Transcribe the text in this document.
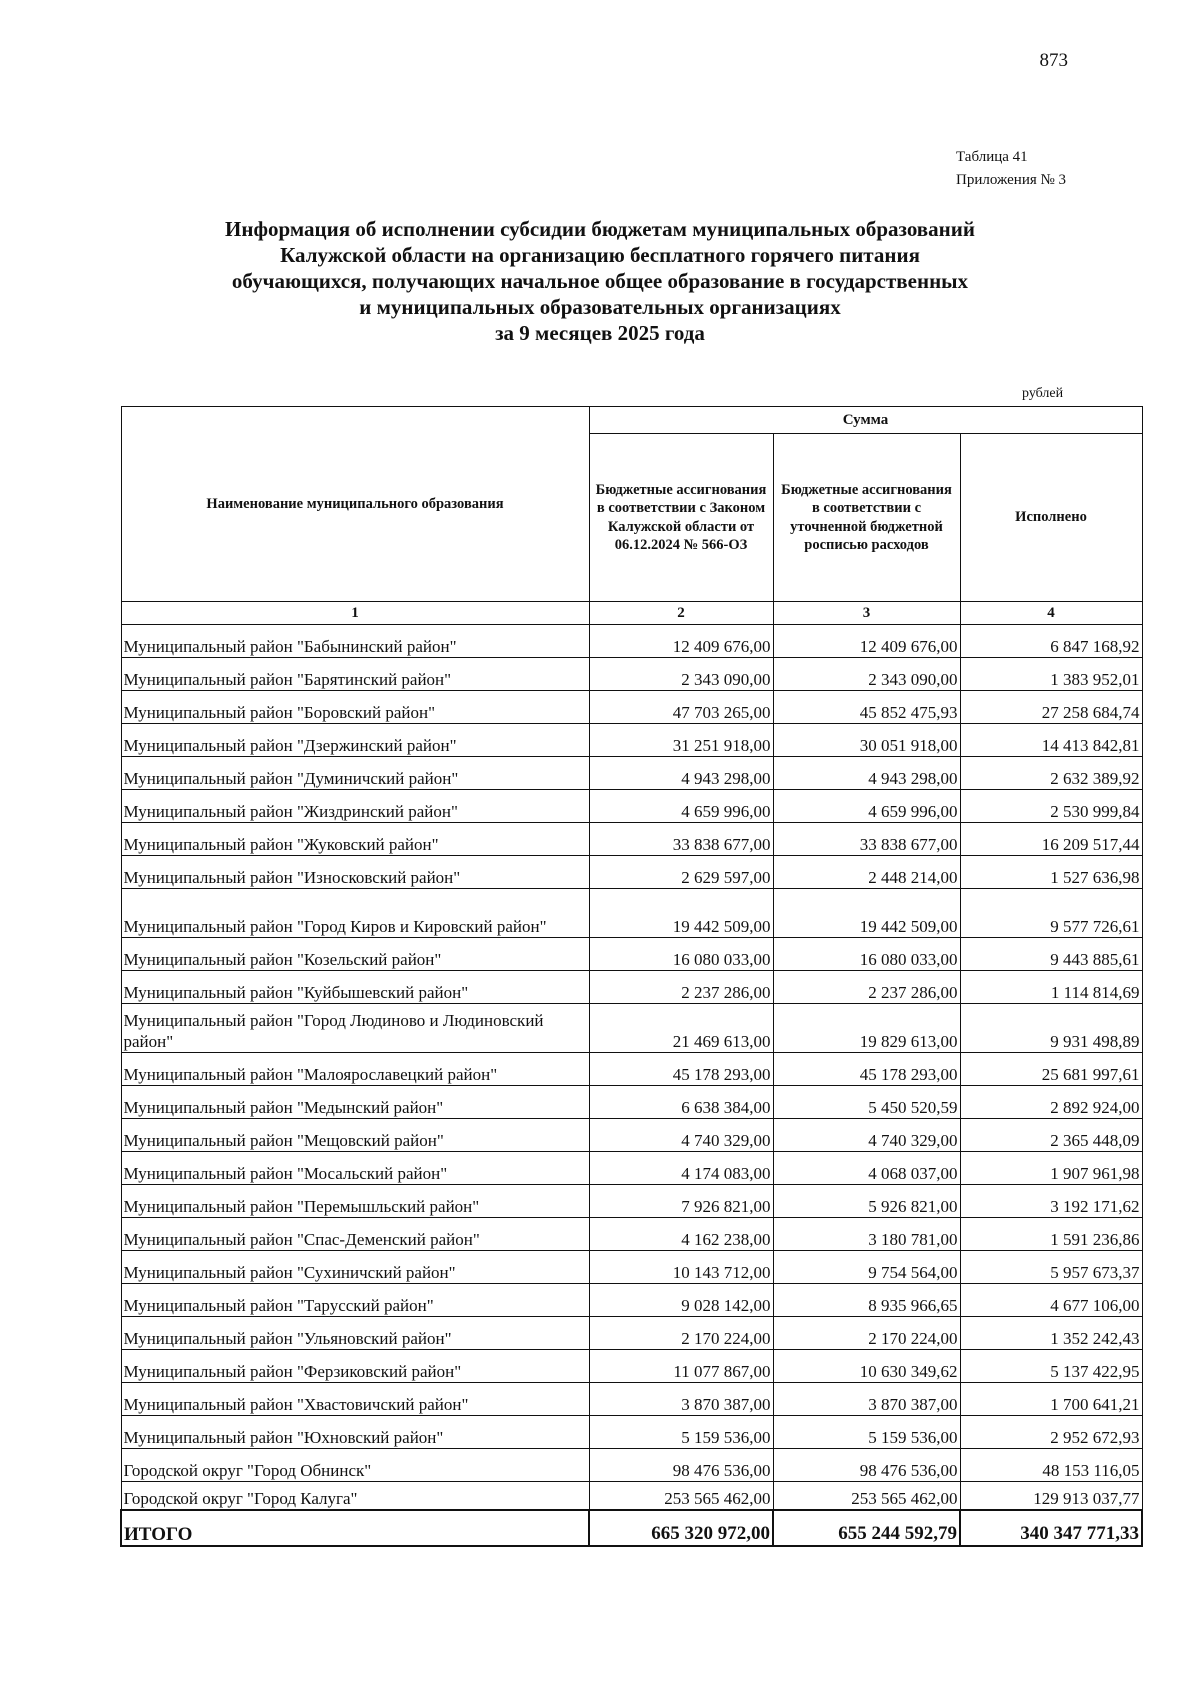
873
Таблица 41
Приложения № 3
Информация об исполнении субсидии бюджетам муниципальных образований
Калужской области на организацию бесплатного горячего питания
обучающихся, получающих начальное общее образование в государственных
и муниципальных образовательных организациях
за 9 месяцев 2025 года
рублей
Наименование муниципального образования	Сумма		
	Бюджетные ассигнования в соответствии с Законом Калужской области от 06.12.2024 № 566-ОЗ	Бюджетные ассигнования в соответствии с уточненной бюджетной росписью расходов	Исполнено
1	2	3	4
Муниципальный район "Бабынинский район"	12 409 676,00	12 409 676,00	6 847 168,92
Муниципальный район "Барятинский район"	2 343 090,00	2 343 090,00	1 383 952,01
Муниципальный район "Боровский район"	47 703 265,00	45 852 475,93	27 258 684,74
Муниципальный район "Дзержинский район"	31 251 918,00	30 051 918,00	14 413 842,81
Муниципальный район "Думиничский район"	4 943 298,00	4 943 298,00	2 632 389,92
Муниципальный район "Жиздринский район"	4 659 996,00	4 659 996,00	2 530 999,84
Муниципальный район "Жуковский район"	33 838 677,00	33 838 677,00	16 209 517,44
Муниципальный район "Износковский район"	2 629 597,00	2 448 214,00	1 527 636,98
Муниципальный район "Город Киров и Кировский район"	19 442 509,00	19 442 509,00	9 577 726,61
Муниципальный район "Козельский район"	16 080 033,00	16 080 033,00	9 443 885,61
Муниципальный район "Куйбышевский район"	2 237 286,00	2 237 286,00	1 114 814,69
Муниципальный район "Город Людиново и Людиновский район"	21 469 613,00	19 829 613,00	9 931 498,89
Муниципальный район "Малоярославецкий район"	45 178 293,00	45 178 293,00	25 681 997,61
Муниципальный район "Медынский район"	6 638 384,00	5 450 520,59	2 892 924,00
Муниципальный район "Мещовский район"	4 740 329,00	4 740 329,00	2 365 448,09
Муниципальный район "Мосальский район"	4 174 083,00	4 068 037,00	1 907 961,98
Муниципальный район "Перемышльский район"	7 926 821,00	5 926 821,00	3 192 171,62
Муниципальный район "Спас-Деменский район"	4 162 238,00	3 180 781,00	1 591 236,86
Муниципальный район "Сухиничский район"	10 143 712,00	9 754 564,00	5 957 673,37
Муниципальный район "Тарусский район"	9 028 142,00	8 935 966,65	4 677 106,00
Муниципальный район "Ульяновский район"	2 170 224,00	2 170 224,00	1 352 242,43
Муниципальный район "Ферзиковский район"	11 077 867,00	10 630 349,62	5 137 422,95
Муниципальный район "Хвастовичский район"	3 870 387,00	3 870 387,00	1 700 641,21
Муниципальный район "Юхновский район"	5 159 536,00	5 159 536,00	2 952 672,93
Городской округ "Город Обнинск"	98 476 536,00	98 476 536,00	48 153 116,05
Городской округ "Город Калуга"	253 565 462,00	253 565 462,00	129 913 037,77
ИТОГО	665 320 972,00	655 244 592,79	340 347 771,33
